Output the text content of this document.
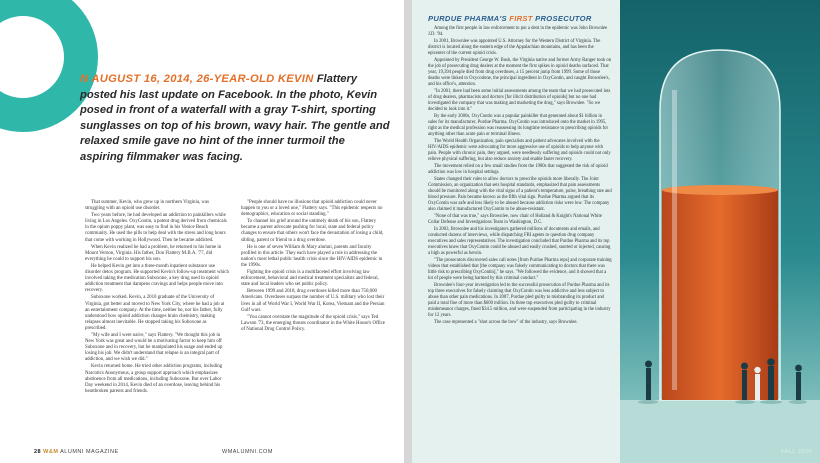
N AUGUST 16, 2014, 26-YEAR-OLD KEVIN Flattery posted his last update on Facebook. In the photo, Kevin posed in front of a waterfall with a gray T-shirt, sporting sunglasses on top of his brown, wavy hair. The gentle and relaxed smile gave no hint of the inner turmoil the aspiring filmmaker was facing.

That summer, Kevin, who grew up in northern Virginia, was struggling with an opioid use disorder.

Two years before, he had developed an addiction to painkillers while living in Los Angeles. OxyContin, a potent drug derived from chemicals in the opium poppy plant, was easy to find in his Venice Beach community. He used the pills to help deal with the stress and long hours that come with working in Hollywood. Then he became addicted.

When Kevin realized he had a problem, he returned to his home in Mount Vernon, Virginia. His father, Don Flattery M.B.A. '77, did everything he could to support his son.

He helped Kevin get into a three-month inpatient substance use disorder detox program. He supported Kevin's follow-up treatment which involved taking the medication Suboxone, a key drug used in opioid addiction treatment that dampens cravings and helps people move into recovery.

Suboxone worked. Kevin, a 2010 graduate of the University of Virginia, got better and moved to New York City, where he had a job at an entertainment company. At the time, neither he, nor his father, fully understood how opioid addiction changes brain chemistry, making relapses almost inevitable. He stopped taking his Suboxone as prescribed.

"My wife and I were naive," says Flattery. "We thought this job in New York was great and would be a motivating factor to keep him off Suboxone and in recovery, but he manipulated his usage and ended up losing his job. We didn't understand that relapse is an integral part of addiction, and we wish we did."

Kevin returned home. He tried other addiction programs, including Narcotics Anonymous, a group support approach which emphasizes abstinence from all medications, including Suboxone. But over Labor Day weekend in 2014, Kevin died of an overdose, leaving behind his heartbroken parents and friends.

"People should have no illusions that opioid addiction could never happen to you or a loved one," Flattery says. "This epidemic respects no demographics, education or social standing."

To channel his grief around the untimely death of his son, Flattery became a parent advocate pushing for local, state and federal policy changes to ensure that others won't face the devastation of losing a child, sibling, parent or friend to a drug overdose.

He is one of seven William & Mary alumni, parents and faculty profiled in this article. They each have played a role in addressing the nation's most lethal public health crisis since the HIV/AIDS epidemic in the 1990s.

Fighting the opioid crisis is a multifaceted effort involving law enforcement, behavioral and medical treatment specialists and federal, state and local leaders who set public policy.

Between 1999 and 2018, drug overdoses killed more than 750,000 Americans. Overdoses surpass the number of U.S. military who lost their lives in all of World War I, World War II, Korea, Vietnam and the Persian Gulf wars.

"You cannot overstate the magnitude of the opioid crisis," says Ted Lawson '73, the emerging threats coordinator in the White House's Office of National Drug Control Policy.

28 W&M ALUMNI MAGAZINE	WMALUMNI.COM
PURDUE PHARMA'S FIRST PROSECUTOR

Among the first people in law enforcement to put a dent in the epidemic was John Brownlee J.D. '94.

In 2001, Brownlee was appointed U.S. Attorney for the Western District of Virginia. The district is located along the eastern edge of the Appalachian mountains, and has been the epicenter of the current opioid crisis.

Appointed by President George W. Bush, the Virginia native and former Army Ranger took on the job of prosecuting drug dealers at the moment the first spikes in opioid deaths surfaced. That year, 19,394 people died from drug overdoses, a 15 percent jump from 1999. Some of those deaths were linked to Oxycodone, the principal ingredient in OxyContin, and caught Brownlee's, and his office's, attention.

"In 2001, there had been some initial assessments among the team that we had prosecuted lots of drug dealers, pharmacists and doctors [for illicit distribution of opioids] but no one had investigated the company that was making and marketing the drug," says Brownlee. "So we decided to look into it."

By the early 2000s, OxyContin was a popular painkiller that generated about $1 billion in sales for its manufacturer, Purdue Pharma. OxyContin was introduced onto the market in 1995, right as the medical profession was reassessing its longtime resistance to prescribing opioids for anything other than acute pain or terminal illness.

The World Health Organization, pain specialists and patient advocates involved with the HIV/AIDS epidemic were advocating for more aggressive use of opioids to help anyone with pain. People with chronic pain, they argued, were needlessly suffering and opioids could not only relieve physical suffering, but also reduce anxiety and enable faster recovery.

The movement relied on a few small studies from the 1980s that suggested the risk of opioid addiction was low in hospital settings.

States changed their rules to allow doctors to prescribe opioids more liberally. The Joint Commission, an organization that sets hospital standards, emphasized that pain assessments should be monitored along with the vital signs of a patient's temperature, pulse, breathing rate and blood pressure. Pain became known as the fifth vital sign. Purdue Pharma argued that its OxyContin was safe and less likely to be abused because addiction risks were low. The company also claimed it manufactured OxyContin to be abuse-resistant.

"None of that was true," says Brownlee, now chair of Holland & Knight's National White Collar Defense and Investigations Team in Washington, D.C.

In 2003, Brownlee and his investigators gathered millions of documents and emails, and conducted dozens of interviews, while dispatching FBI agents to question drug company executives and sales representatives. The investigation concluded that Purdue Pharma and its top executives knew that OxyContin could be abused and easily crushed, snorted or injected, causing a high as powerful as heroin.

"The prosecutors discovered sales call notes [from Purdue Pharma reps] and corporate training videos that established that [the company was falsely communicating to doctors that there was little risk to prescribing OxyContin]," he says. "We followed the evidence, and it showed that a lot of people were being harmed by this criminal conduct."

Brownlee's four-year investigation led to the successful prosecution of Purdue Pharma and its top three executives for falsely claiming that OxyContin was less addictive and less subject to abuse than other pain medications. In 2007, Purdue pled guilty to misbranding its product and paid a total fine of more than $600 million. Its three top executives pled guilty to criminal misdemeanor charges, fined $34.5 million, and were suspended from participating in the industry for 12 years.

The case represented a "shot across the bow" of the industry, says Brownlee.

FALL 2020
